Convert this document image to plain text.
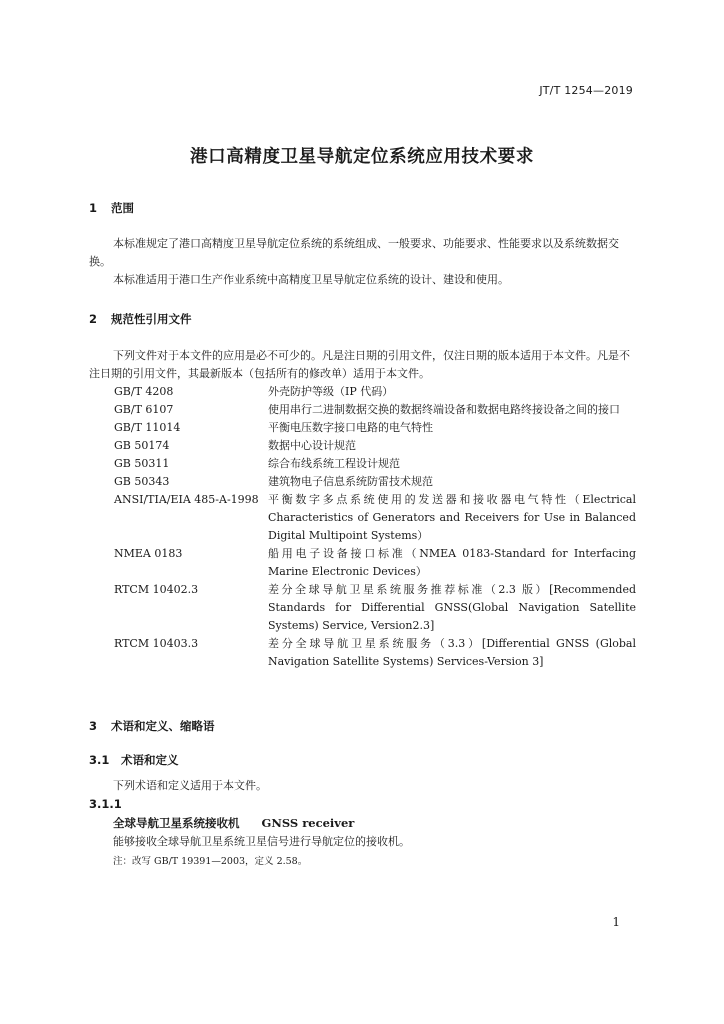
JT/T 1254—2019
港口高精度卫星导航定位系统应用技术要求
1 范围
本标准规定了港口高精度卫星导航定位系统的系统组成、一般要求、功能要求、性能要求以及系统数据交换。
本标准适用于港口生产作业系统中高精度卫星导航定位系统的设计、建设和使用。
2 规范性引用文件
下列文件对于本文件的应用是必不可少的。凡是注日期的引用文件，仅注日期的版本适用于本文件。凡是不注日期的引用文件，其最新版本（包括所有的修改单）适用于本文件。
GB/T 4208	外壳防护等级（IP 代码）
GB/T 6107	使用串行二进制数据交换的数据终端设备和数据电路终接设备之间的接口
GB/T 11014	平衡电压数字接口电路的电气特性
GB 50174	数据中心设计规范
GB 50311	综合布线系统工程设计规范
GB 50343	建筑物电子信息系统防雷技术规范
ANSI/TIA/EIA 485-A-1998 平衡数字多点系统使用的发送器和接收器电气特性（Electrical Characteristics of Generators and Receivers for Use in Balanced Digital Multipoint Systems）
NMEA 0183	船用电子设备接口标准（NMEA 0183-Standard for Interfacing Marine Electronic Devices）
RTCM 10402.3	差分全球导航卫星系统服务推荐标准（2.3 版）[Recommended Standards for Differential GNSS(Global Navigation Satellite Systems) Service, Version2.3]
RTCM 10403.3	差分全球导航卫星系统服务（3.3）[Differential GNSS (Global Navigation Satellite Systems) Services-Version 3]
3 术语和定义、缩略语
3.1 术语和定义
下列术语和定义适用于本文件。
3.1.1
全球导航卫星系统接收机 GNSS receiver
能够接收全球导航卫星系统卫星信号进行导航定位的接收机。
注：改写 GB/T 19391—2003，定义 2.58。
1
